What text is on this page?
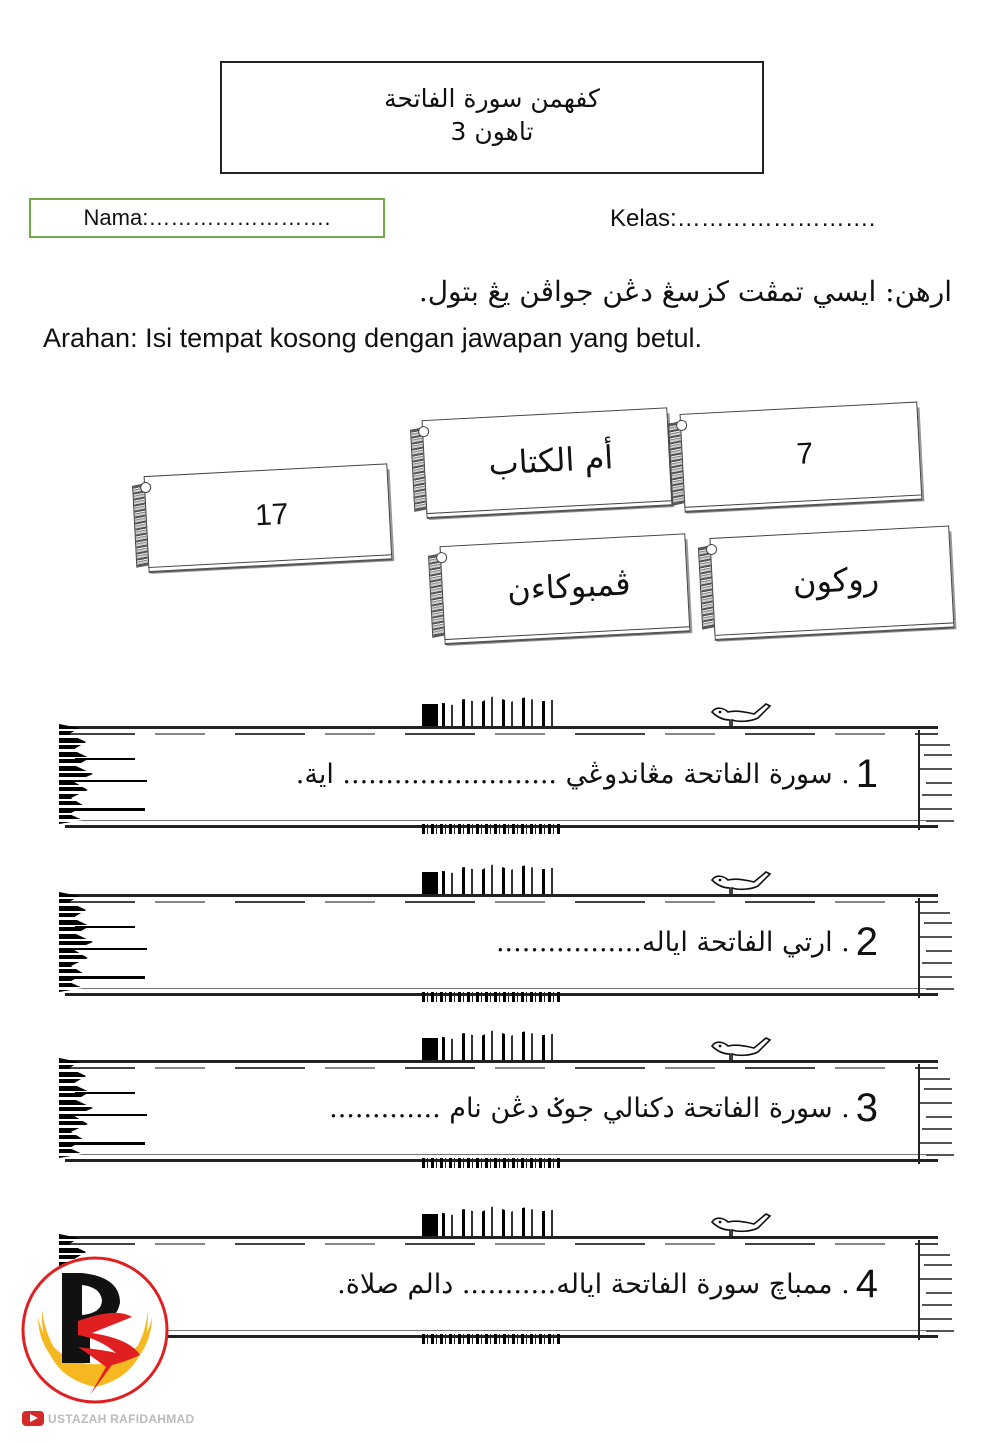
كفهمن سورة الفاتحة
تاهون 3
Nama:…………………….	Kelas:…………………….
ارهن: ايسي تمڤت كزسڠ دڠن جواڤن يڠ بتول.
Arahan: Isi tempat kosong dengan jawapan yang betul.
17
أم الكتاب	7
ڤمبوكاءن	روكون
1
. سورة الفاتحة مڠاندوڠي ......................... اية.
2
. ارتي الفاتحة اياله.................
3
. سورة الفاتحة دكنالي جوݢ دڠن نام .............
4
. ممباچ سورة الفاتحة اياله........... دالم صلاة.
USTAZAH RAFIDAHMAD
